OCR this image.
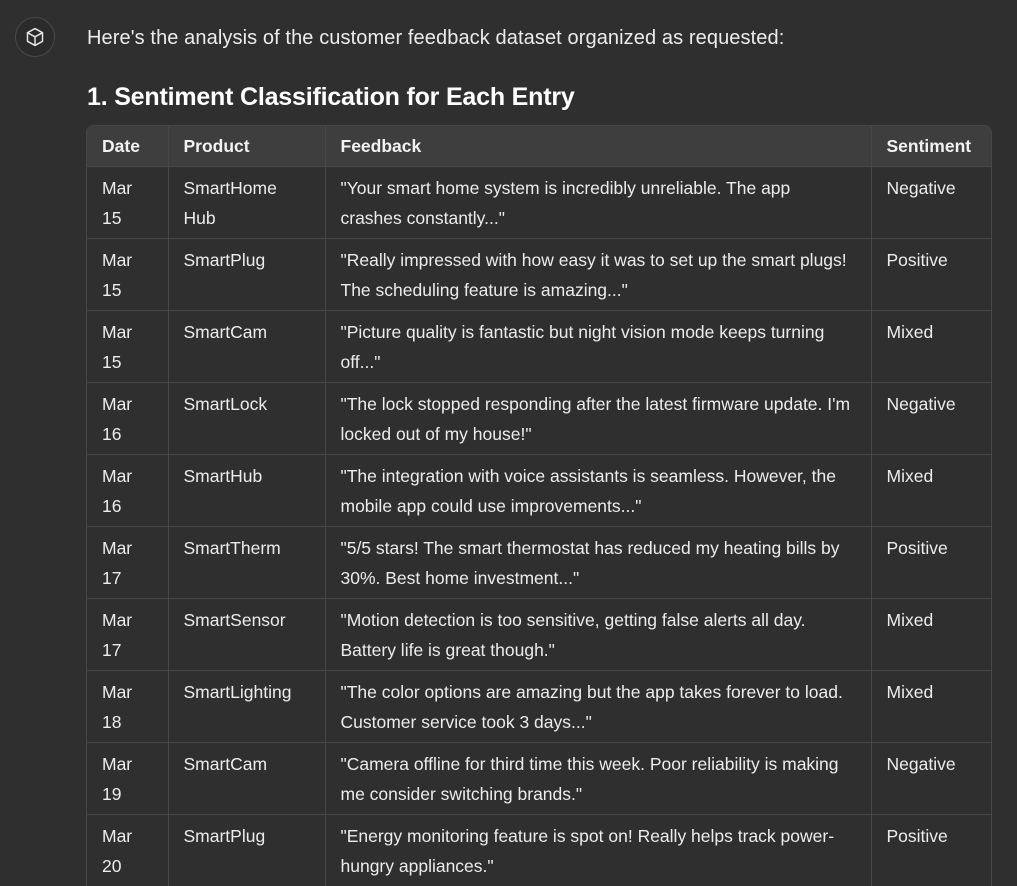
Here's the analysis of the customer feedback dataset organized as requested:

1. Sentiment Classification for Each Entry
Date	Product	Feedback	Sentiment
Mar 15	SmartHome Hub	"Your smart home system is incredibly unreliable. The app crashes constantly..."	Negative
Mar 15	SmartPlug	"Really impressed with how easy it was to set up the smart plugs! The scheduling feature is amazing..."	Positive
Mar 15	SmartCam	"Picture quality is fantastic but night vision mode keeps turning off..."	Mixed
Mar 16	SmartLock	"The lock stopped responding after the latest firmware update. I'm locked out of my house!"	Negative
Mar 16	SmartHub	"The integration with voice assistants is seamless. However, the mobile app could use improvements..."	Mixed
Mar 17	SmartTherm	"5/5 stars! The smart thermostat has reduced my heating bills by 30%. Best home investment..."	Positive
Mar 17	SmartSensor	"Motion detection is too sensitive, getting false alerts all day. Battery life is great though."	Mixed
Mar 18	SmartLighting	"The color options are amazing but the app takes forever to load. Customer service took 3 days..."	Mixed
Mar 19	SmartCam	"Camera offline for third time this week. Poor reliability is making me consider switching brands."	Negative
Mar 20	SmartPlug	"Energy monitoring feature is spot on! Really helps track power-hungry appliances."	Positive
